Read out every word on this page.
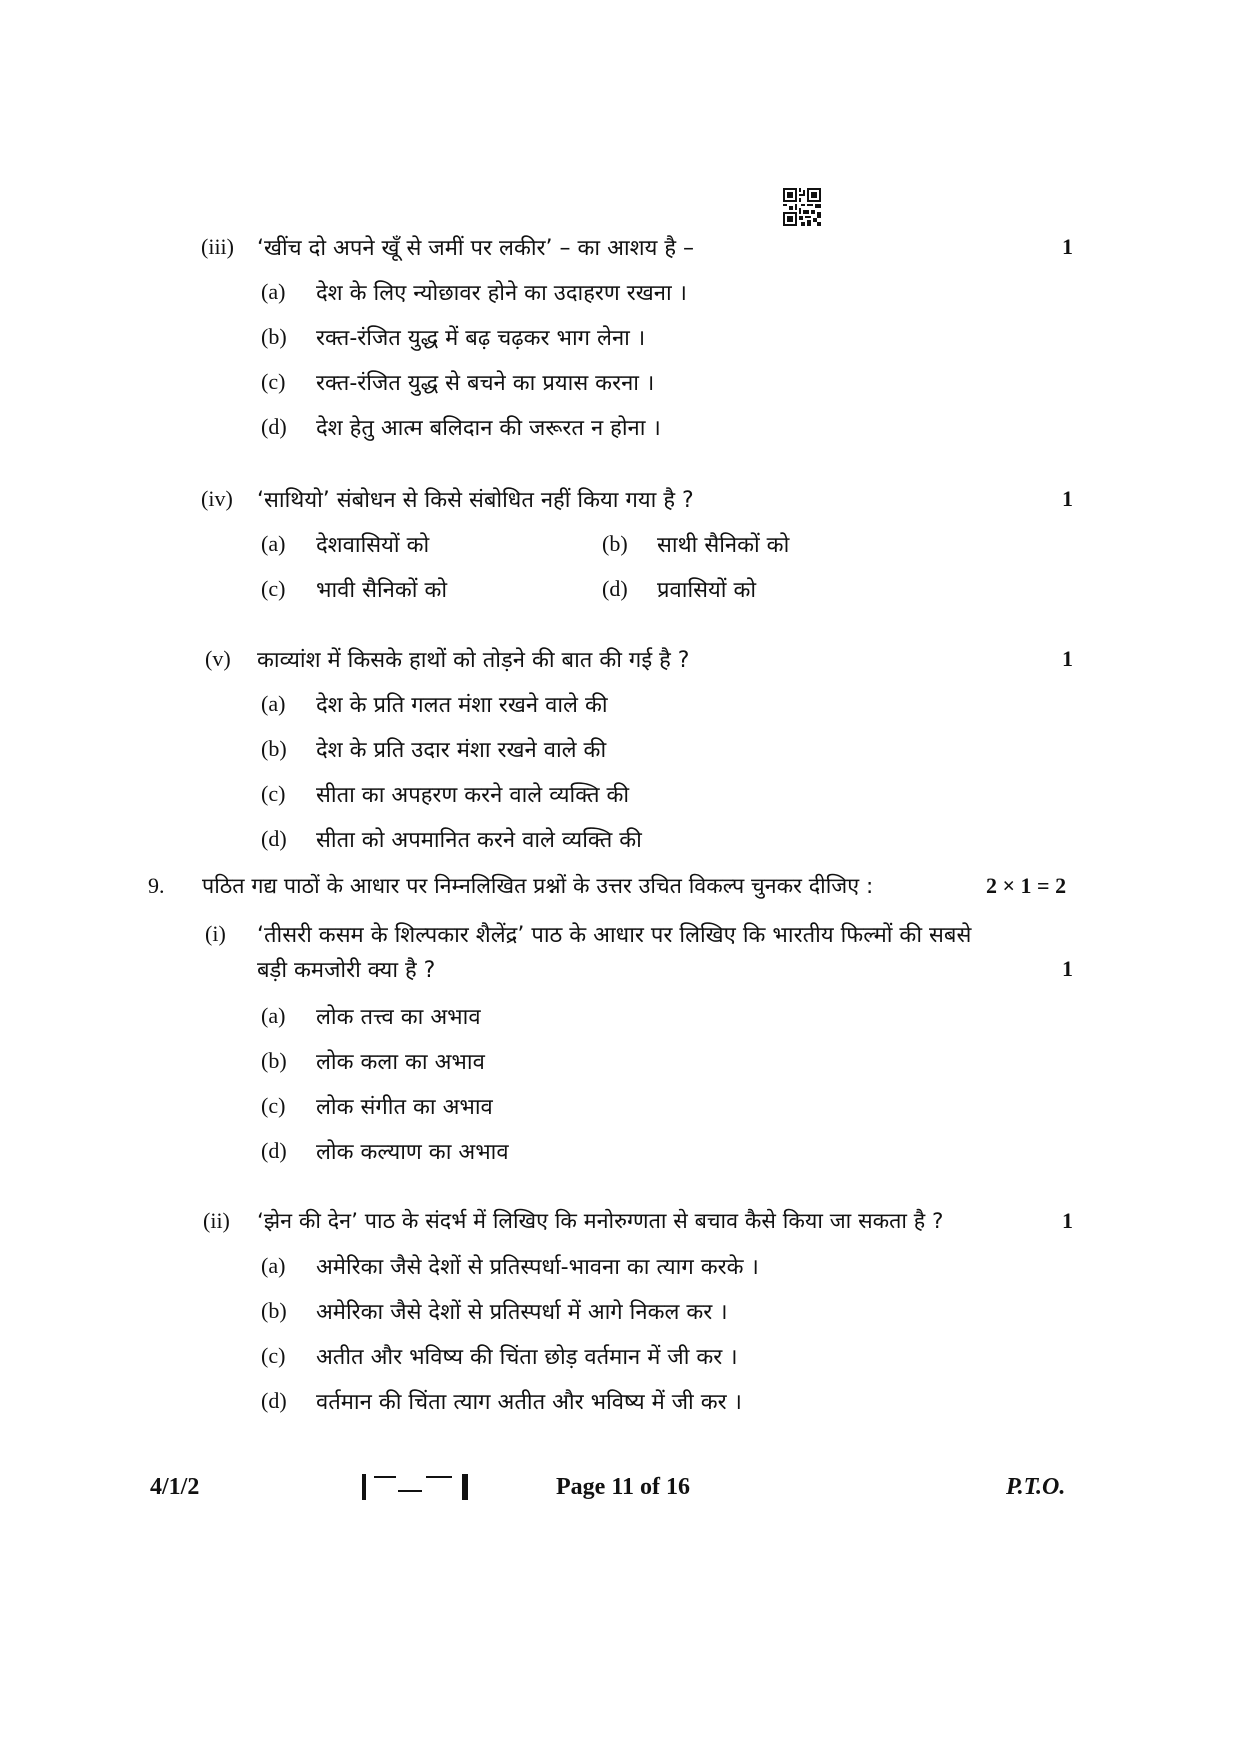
(iii) ‘खींच दो अपने खूँ से जमीं पर लकीर’ – का आशय है –	1
(a) देश के लिए न्योछावर होने का उदाहरण रखना ।
(b) रक्त-रंजित युद्ध में बढ़ चढ़कर भाग लेना ।
(c) रक्त-रंजित युद्ध से बचने का प्रयास करना ।
(d) देश हेतु आत्म बलिदान की जरूरत न होना ।
(iv) ‘साथियो’ संबोधन से किसे संबोधित नहीं किया गया है ?	1
(a) देशवासियों को	(b) साथी सैनिकों को
(c) भावी सैनिकों को	(d) प्रवासियों को
(v) काव्यांश में किसके हाथों को तोड़ने की बात की गई है ?	1
(a) देश के प्रति गलत मंशा रखने वाले की
(b) देश के प्रति उदार मंशा रखने वाले की
(c) सीता का अपहरण करने वाले व्यक्ति की
(d) सीता को अपमानित करने वाले व्यक्ति की
9. पठित गद्य पाठों के आधार पर निम्नलिखित प्रश्नों के उत्तर उचित विकल्प चुनकर दीजिए :	2 × 1 = 2
(i) ‘तीसरी कसम के शिल्पकार शैलेंद्र’ पाठ के आधार पर लिखिए कि भारतीय फिल्मों की सबसे
बड़ी कमजोरी क्या है ?	1
(a) लोक तत्त्व का अभाव
(b) लोक कला का अभाव
(c) लोक संगीत का अभाव
(d) लोक कल्याण का अभाव
(ii) ‘झेन की देन’ पाठ के संदर्भ में लिखिए कि मनोरुग्णता से बचाव कैसे किया जा सकता है ?	1
(a) अमेरिका जैसे देशों से प्रतिस्पर्धा-भावना का त्याग करके ।
(b) अमेरिका जैसे देशों से प्रतिस्पर्धा में आगे निकल कर ।
(c) अतीत और भविष्य की चिंता छोड़ वर्तमान में जी कर ।
(d) वर्तमान की चिंता त्याग अतीत और भविष्य में जी कर ।
4/1/2	Page 11 of 16	P.T.O.
